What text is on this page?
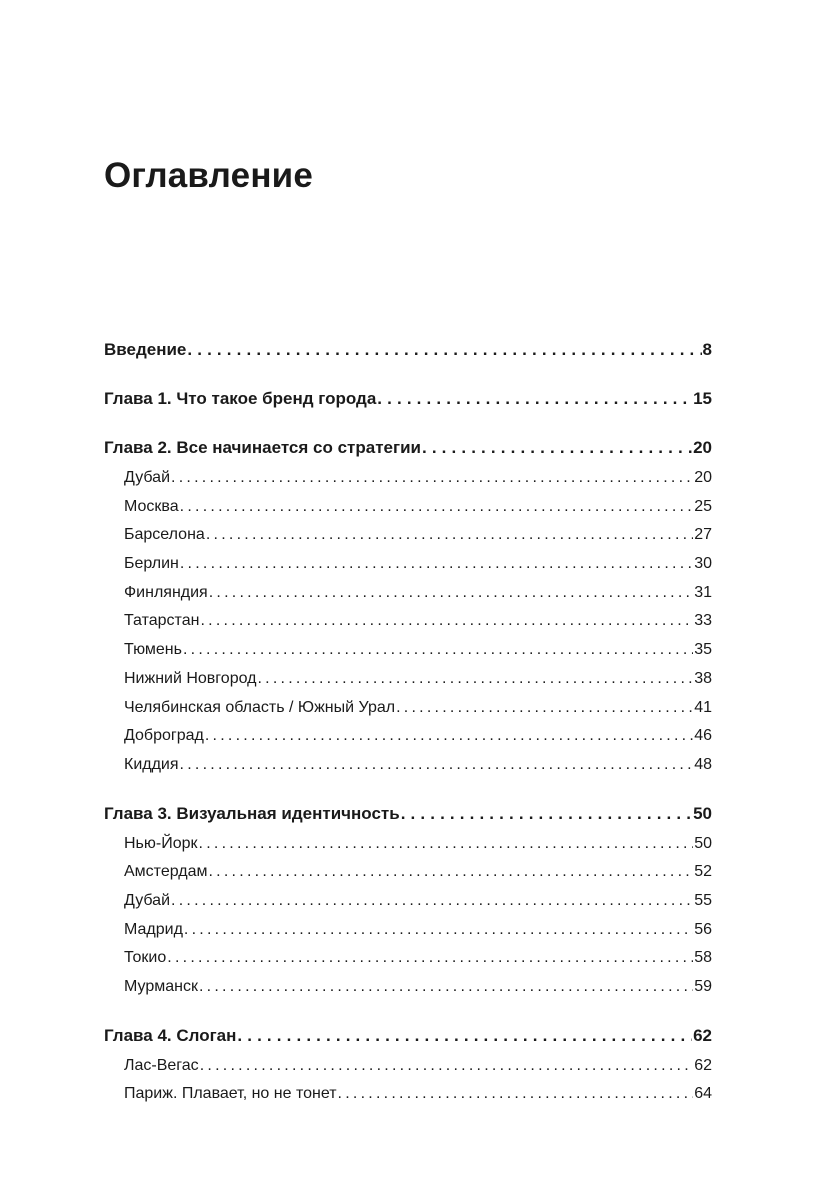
Оглавление
Введение . . .	8
Глава 1. Что такое бренд города . . .	15
Глава 2. Все начинается со стратегии . . .	20
Дубай . . .	20
Москва . . .	25
Барселона . . .	27
Берлин . . .	30
Финляндия . . .	31
Татарстан . . .	33
Тюмень . . .	35
Нижний Новгород . . .	38
Челябинская область / Южный Урал . . .	41
Доброград . . .	46
Киддия . . .	48
Глава 3. Визуальная идентичность . . .	50
Нью-Йорк . . .	50
Амстердам . . .	52
Дубай . . .	55
Мадрид . . .	56
Токио . . .	58
Мурманск . . .	59
Глава 4. Слоган . . .	62
Лас-Вегас . . .	62
Париж. Плавает, но не тонет . . .	64
